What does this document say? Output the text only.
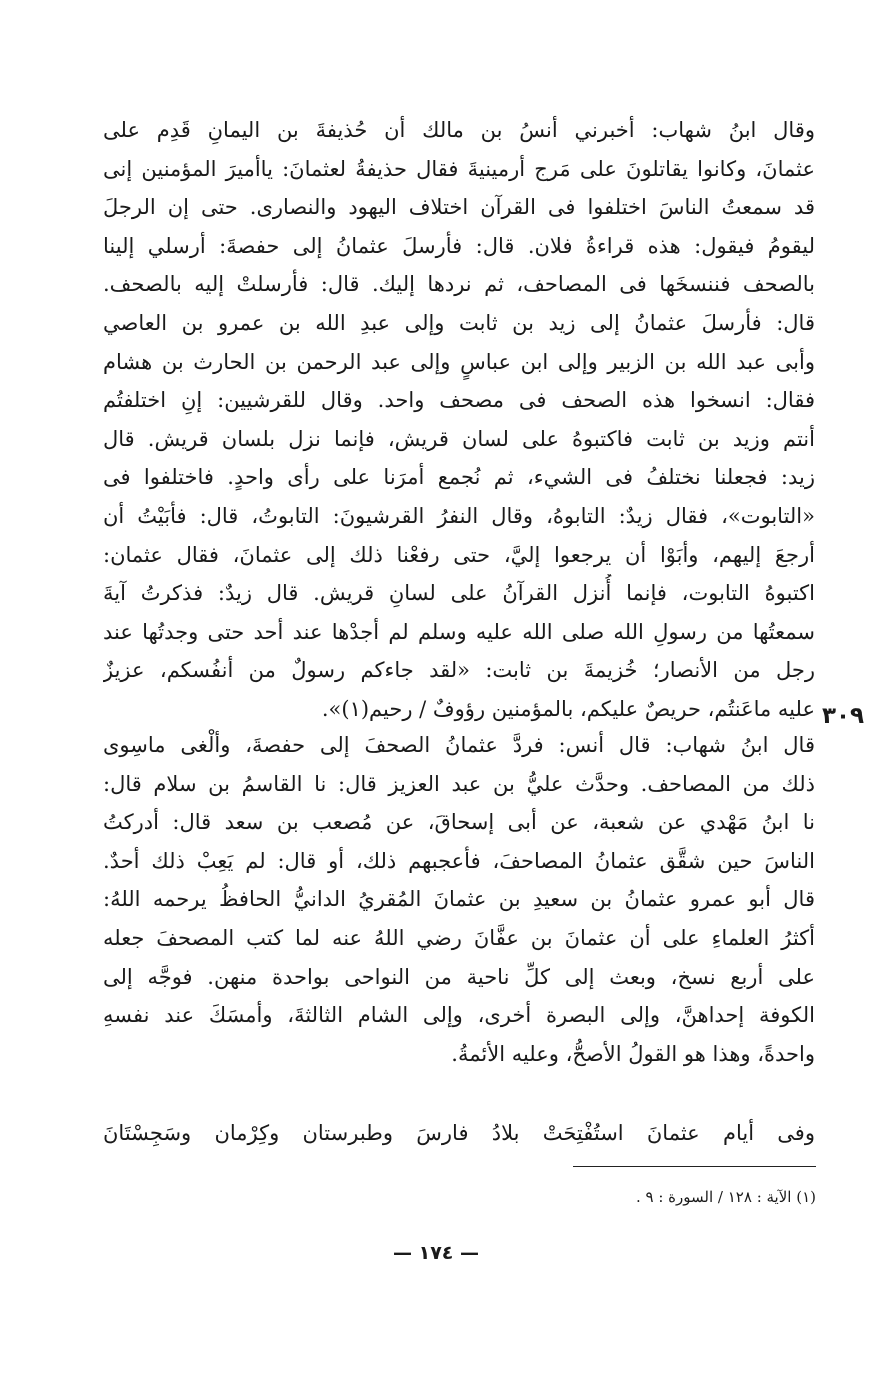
وقال ابنُ شهاب: أخبرني أنسُ بن مالك أن حُذيفةَ بن اليمانِ قَدِم على
عثمانَ، وكانوا يقاتلونَ على مَرج أرمينيةَ فقال حذيفةُ لعثمانَ: ياأميرَ المؤمنين إنى
قد سمعتُ الناسَ اختلفوا فى القرآن اختلاف اليهود والنصارى. حتى إن الرجلَ
ليقومُ فيقول: هذه قراءةُ فلان. قال: فأرسلَ عثمانُ إلى حفصةَ: أرسلي إلينا
بالصحف فننسخَها فى المصاحف، ثم نردها إليك. قال: فأرسلتْ إليه بالصحف.
قال: فأرسلَ عثمانُ إلى زيد بن ثابت وإلى عبدِ الله بن عمرو بن العاصي
وأبى عبد الله بن الزبير وإلى ابن عباسٍ وإلى عبد الرحمن بن الحارث بن هشام
فقال: انسخوا هذه الصحف فى مصحف واحد. وقال للقرشيين: إنِ اختلفتُم
أنتم وزيد بن ثابت فاكتبوهُ على لسان قريش، فإنما نزل بلسان قريش. قال
زيد: فجعلنا نختلفُ فى الشيء، ثم نُجمع أمرَنا على رأى واحدٍ. فاختلفوا فى
«التابوت»، فقال زيدٌ: التابوهُ، وقال النفرُ القرشيونَ: التابوتُ، قال: فأبَيْتُ أن
أرجعَ إليهم، وأبَوْا أن يرجعوا إليَّ، حتى رفعْنا ذلك إلى عثمانَ، فقال عثمان:
اكتبوهُ التابوت، فإنما أُنزل القرآنُ على لسانِ قريش. قال زيدٌ: فذكرتُ آيةَ
سمعتُها من رسولِ الله صلى الله عليه وسلم لم أجدْها عند أحد حتى وجدتُها عند
رجل من الأنصار؛ خُزيمةَ بن ثابت: «لقد جاءكم رسولٌ من أنفُسكم، عزيزٌ
عليه ماعَنتُم، حريصٌ عليكم، بالمؤمنين رؤوفٌ / رحيم(١)». ٣٠٩
قال ابنُ شهاب: قال أنس: فردَّ عثمانُ الصحفَ إلى حفصةَ، وألْغى ماسِوى
ذلك من المصاحف. وحدَّث عليُّ بن عبد العزيز قال: نا القاسمُ بن سلام قال:
نا ابنُ مَهْدي عن شعبة، عن أبى إسحاقَ، عن مُصعب بن سعد قال: أدركتُ
الناسَ حين شقَّق عثمانُ المصاحفَ، فأعجبهم ذلك، أو قال: لم يَعِبْ ذلك أحدٌ.
قال أبو عمرو عثمانُ بن سعيدِ بن عثمانَ المُقريُ الدانيُّ الحافظُ يرحمه اللهُ:
أكثرُ العلماءِ على أن عثمانَ بن عفَّانَ رضي اللهُ عنه لما كتب المصحفَ جعله
على أربع نسخ، وبعث إلى كلِّ ناحية من النواحى بواحدة منهن. فوجَّه إلى
الكوفة إحداهنَّ، وإلى البصرة أخرى، وإلى الشام الثالثةَ، وأمسَكَ عند نفسهِ
واحدةً، وهذا هو القولُ الأصحُّ، وعليه الأئمةُ.
وفى أيام عثمانَ استُفْتِحَتْ بلادُ فارسَ وطبرستان وكِرْمان وسَجِسْتَانَ
(١) الآية : ١٢٨ / السورة : ٩ .
— ١٧٤ —
